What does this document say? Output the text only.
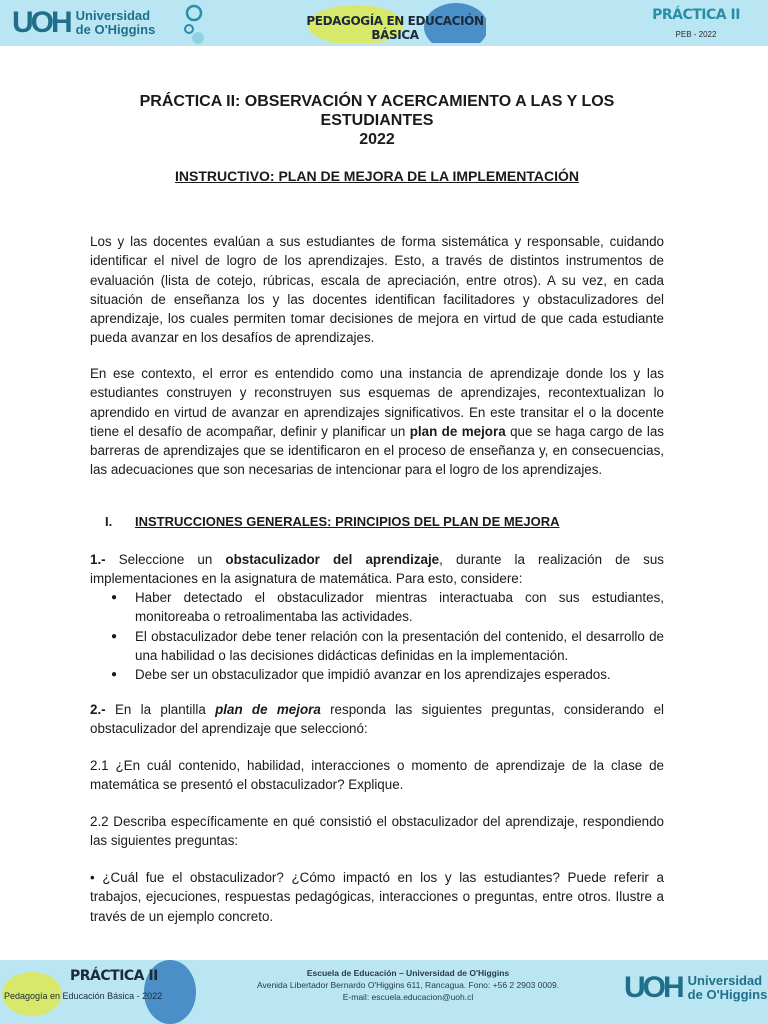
UOH Universidad
de O'Higgins
PEDAGOGÍA EN EDUCACIÓN BÁSICA
PRÁCTICA II
PEB - 2022
PRÁCTICA II: OBSERVACIÓN Y ACERCAMIENTO A LAS Y LOS
ESTUDIANTES
2022
INSTRUCTIVO: PLAN DE MEJORA DE LA IMPLEMENTACIÓN

Los y las docentes evalúan a sus estudiantes de forma sistemática y responsable, cuidando identificar el nivel de logro de los aprendizajes. Esto, a través de distintos instrumentos de evaluación (lista de cotejo, rúbricas, escala de apreciación, entre otros). A su vez, en cada situación de enseñanza los y las docentes identifican facilitadores y obstaculizadores del aprendizaje, los cuales permiten tomar decisiones de mejora en virtud de que cada estudiante pueda avanzar en los desafíos de aprendizajes.

En ese contexto, el error es entendido como una instancia de aprendizaje donde los y las estudiantes construyen y reconstruyen sus esquemas de aprendizajes, recontextualizan lo aprendido en virtud de avanzar en aprendizajes significativos. En este transitar el o la docente tiene el desafío de acompañar, definir y planificar un plan de mejora que se haga cargo de las barreras de aprendizajes que se identificaron en el proceso de enseñanza y, en consecuencias, las adecuaciones que son necesarias de intencionar para el logro de los aprendizajes.

I. INSTRUCCIONES GENERALES: PRINCIPIOS DEL PLAN DE MEJORA

1.- Seleccione un obstaculizador del aprendizaje, durante la realización de sus implementaciones en la asignatura de matemática. Para esto, considere:

● Haber detectado el obstaculizador mientras interactuaba con sus estudiantes, monitoreaba o retroalimentaba las actividades.
● El obstaculizador debe tener relación con la presentación del contenido, el desarrollo de una habilidad o las decisiones didácticas definidas en la implementación.
● Debe ser un obstaculizador que impidió avanzar en los aprendizajes esperados.

2.- En la plantilla plan de mejora responda las siguientes preguntas, considerando el obstaculizador del aprendizaje que seleccionó:

2.1 ¿En cuál contenido, habilidad, interacciones o momento de aprendizaje de la clase de matemática se presentó el obstaculizador? Explique.

2.2 Describa específicamente en qué consistió el obstaculizador del aprendizaje, respondiendo las siguientes preguntas:

• ¿Cuál fue el obstaculizador? ¿Cómo impactó en los y las estudiantes? Puede referir a trabajos, ejecuciones, respuestas pedagógicas, interacciones o preguntas, entre otros. Ilustre a través de un ejemplo concreto.

PRÁCTICA II
Pedagogía en Educación Básica - 2022
Escuela de Educación – Universidad de O'Higgins
Avenida Libertador Bernardo O'Higgins 611, Rancagua. Fono: +56 2 2903 0009.
E-mail: escuela.educacion@uoh.cl	UOH Universidad
de O'Higgins
